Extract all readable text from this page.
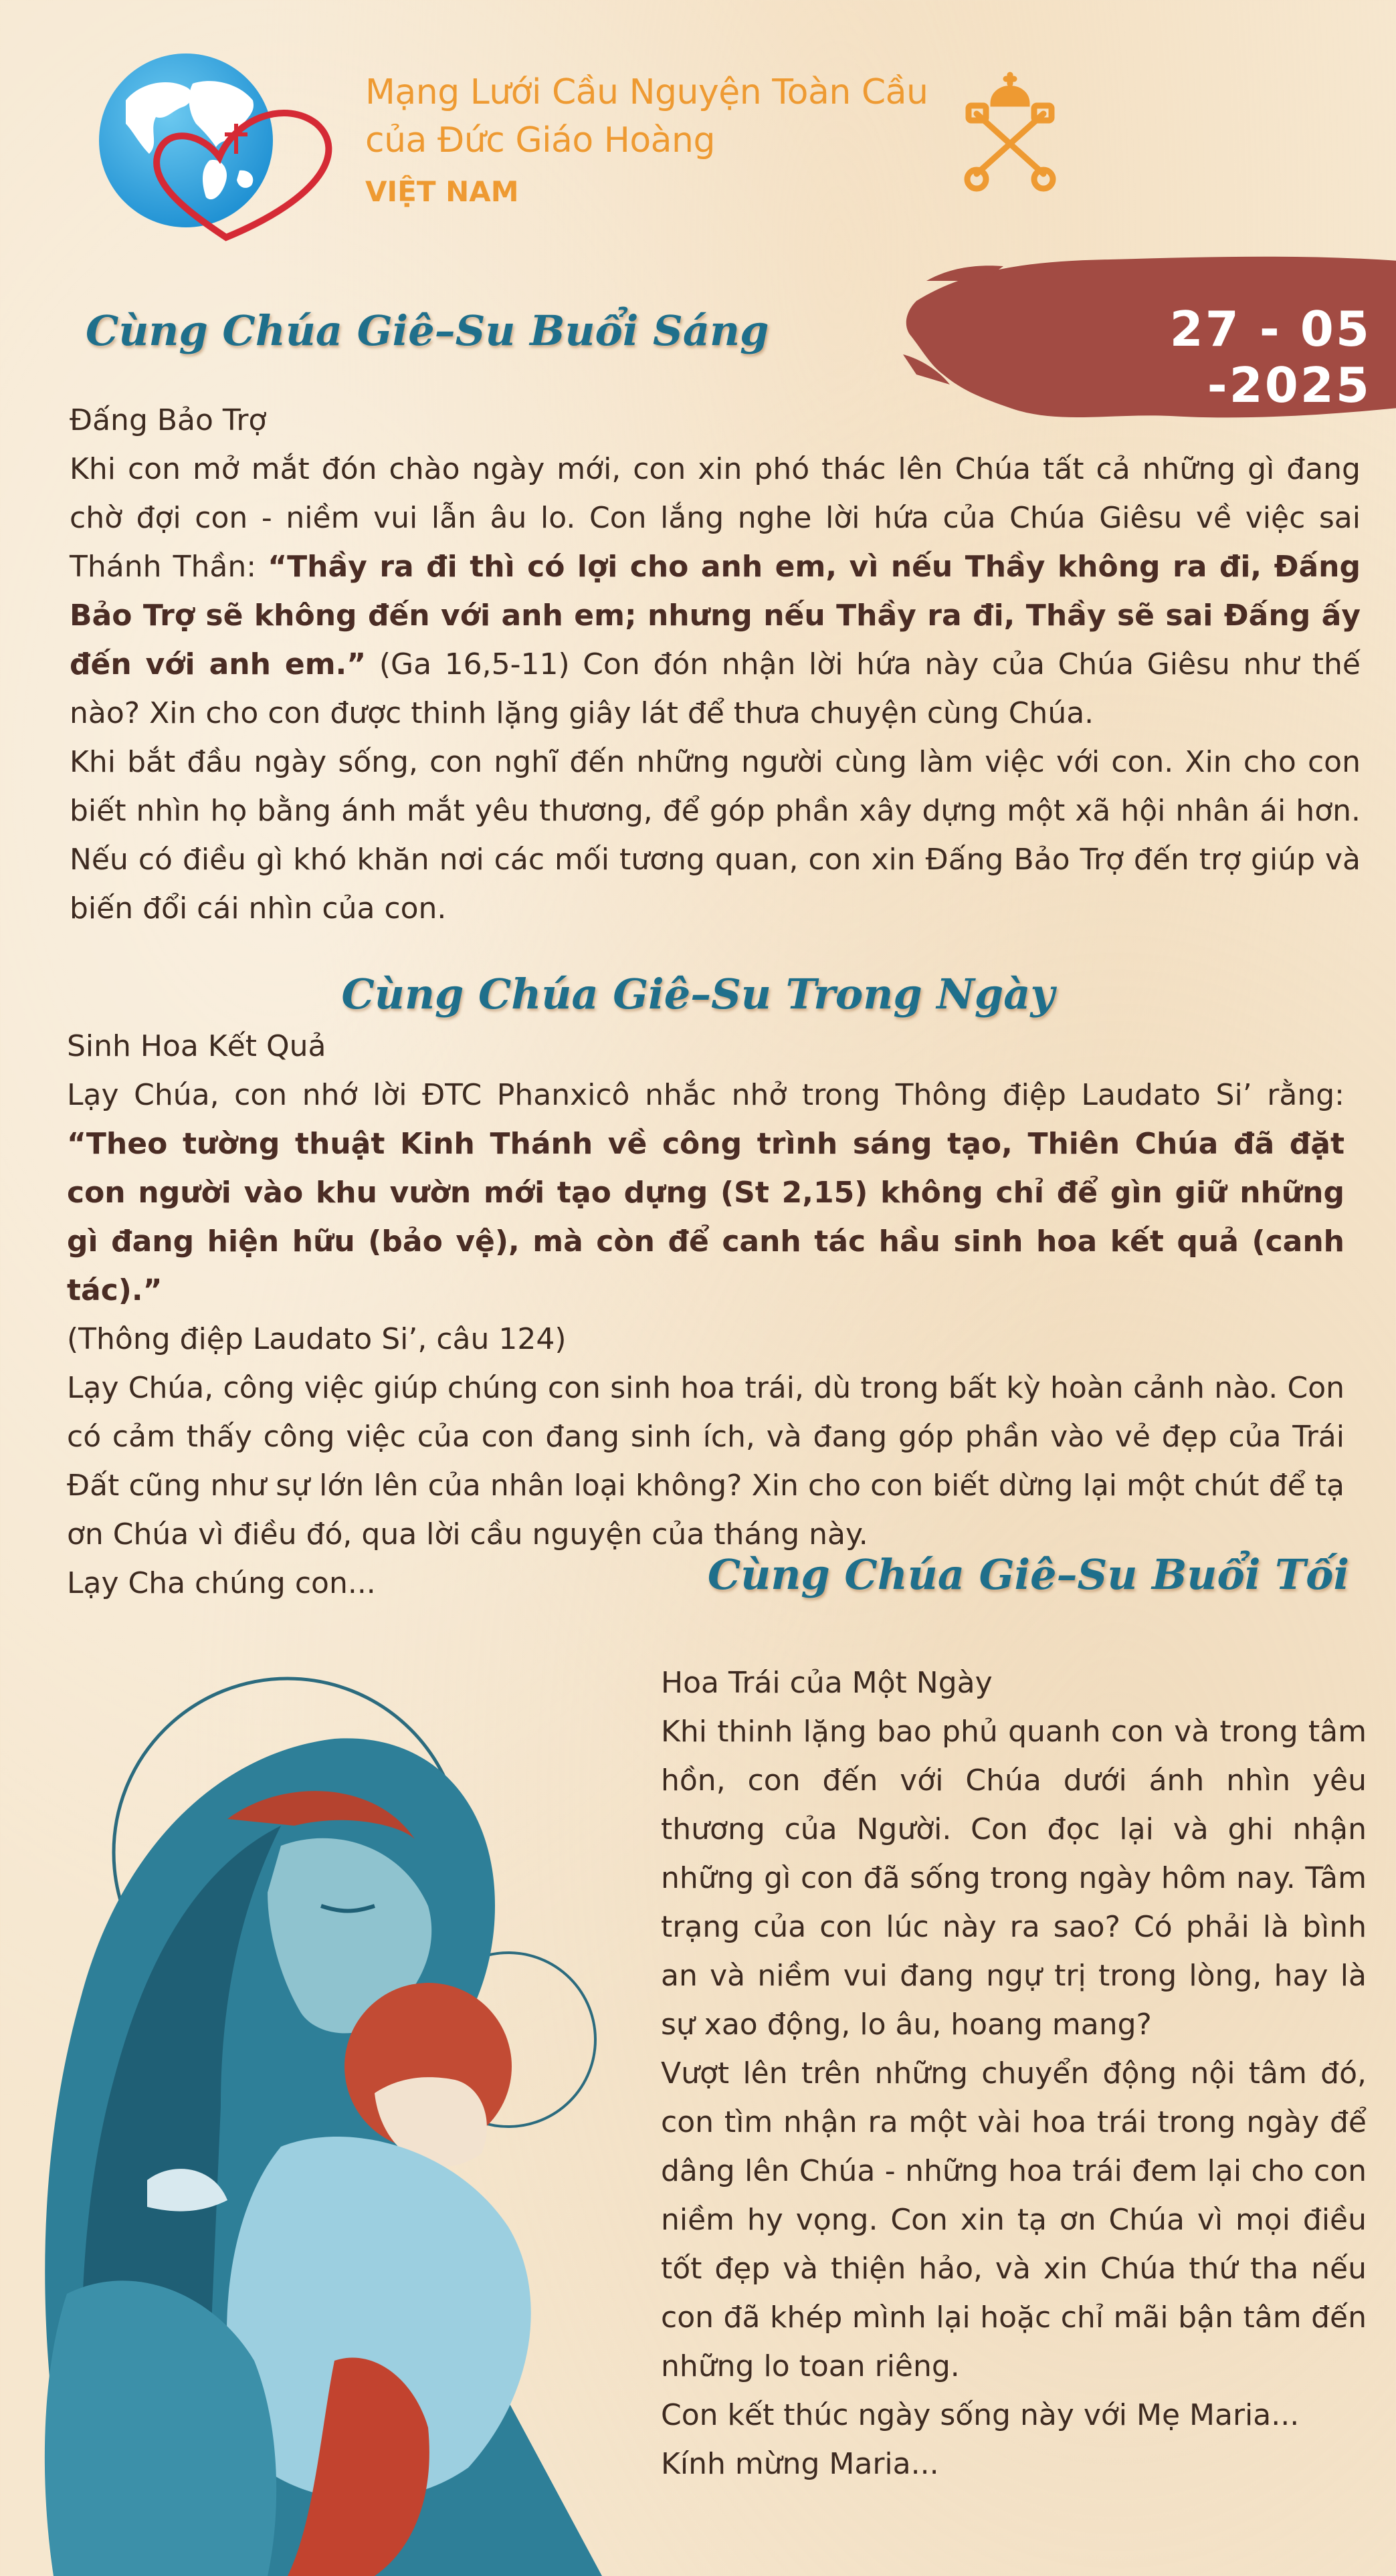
Mạng Lưới Cầu Nguyện Toàn Cầu
của Đức Giáo Hoàng
VIỆT NAM
27 - 05 -2025
Cùng Chúa Giê–Su Buổi Sáng

Đấng Bảo Trợ

Khi con mở mắt đón chào ngày mới, con xin phó thác lên Chúa tất cả những gì đang chờ đợi con - niềm vui lẫn âu lo. Con lắng nghe lời hứa của Chúa Giêsu về việc sai Thánh Thần: “Thầy ra đi thì có lợi cho anh em, vì nếu Thầy không ra đi, Đấng Bảo Trợ sẽ không đến với anh em; nhưng nếu Thầy ra đi, Thầy sẽ sai Đấng ấy đến với anh em.” (Ga 16,5-11) Con đón nhận lời hứa này của Chúa Giêsu như thế nào? Xin cho con được thinh lặng giây lát để thưa chuyện cùng Chúa.

Khi bắt đầu ngày sống, con nghĩ đến những người cùng làm việc với con. Xin cho con biết nhìn họ bằng ánh mắt yêu thương, để góp phần xây dựng một xã hội nhân ái hơn. Nếu có điều gì khó khăn nơi các mối tương quan, con xin Đấng Bảo Trợ đến trợ giúp và biến đổi cái nhìn của con.

Cùng Chúa Giê–Su Trong Ngày

Sinh Hoa Kết Quả

Lạy Chúa, con nhớ lời ĐTC Phanxicô nhắc nhở trong Thông điệp Laudato Si’ rằng: “Theo tường thuật Kinh Thánh về công trình sáng tạo, Thiên Chúa đã đặt con người vào khu vườn mới tạo dựng (St 2,15) không chỉ để gìn giữ những gì đang hiện hữu (bảo vệ), mà còn để canh tác hầu sinh hoa kết quả (canh tác).”

(Thông điệp Laudato Si’, câu 124)

Lạy Chúa, công việc giúp chúng con sinh hoa trái, dù trong bất kỳ hoàn cảnh nào. Con có cảm thấy công việc của con đang sinh ích, và đang góp phần vào vẻ đẹp của Trái Đất cũng như sự lớn lên của nhân loại không? Xin cho con biết dừng lại một chút để tạ ơn Chúa vì điều đó, qua lời cầu nguyện của tháng này.

Lạy Cha chúng con...	Cùng Chúa Giê–Su Buổi Tối

Hoa Trái của Một Ngày

Khi thinh lặng bao phủ quanh con và trong tâm hồn, con đến với Chúa dưới ánh nhìn yêu thương của Người. Con đọc lại và ghi nhận những gì con đã sống trong ngày hôm nay. Tâm trạng của con lúc này ra sao? Có phải là bình an và niềm vui đang ngự trị trong lòng, hay là sự xao động, lo âu, hoang mang?

Vượt lên trên những chuyển động nội tâm đó, con tìm nhận ra một vài hoa trái trong ngày để dâng lên Chúa - những hoa trái đem lại cho con niềm hy vọng. Con xin tạ ơn Chúa vì mọi điều tốt đẹp và thiện hảo, và xin Chúa thứ tha nếu con đã khép mình lại hoặc chỉ mãi bận tâm đến những lo toan riêng.

Con kết thúc ngày sống này với Mẹ Maria...

Kính mừng Maria...
